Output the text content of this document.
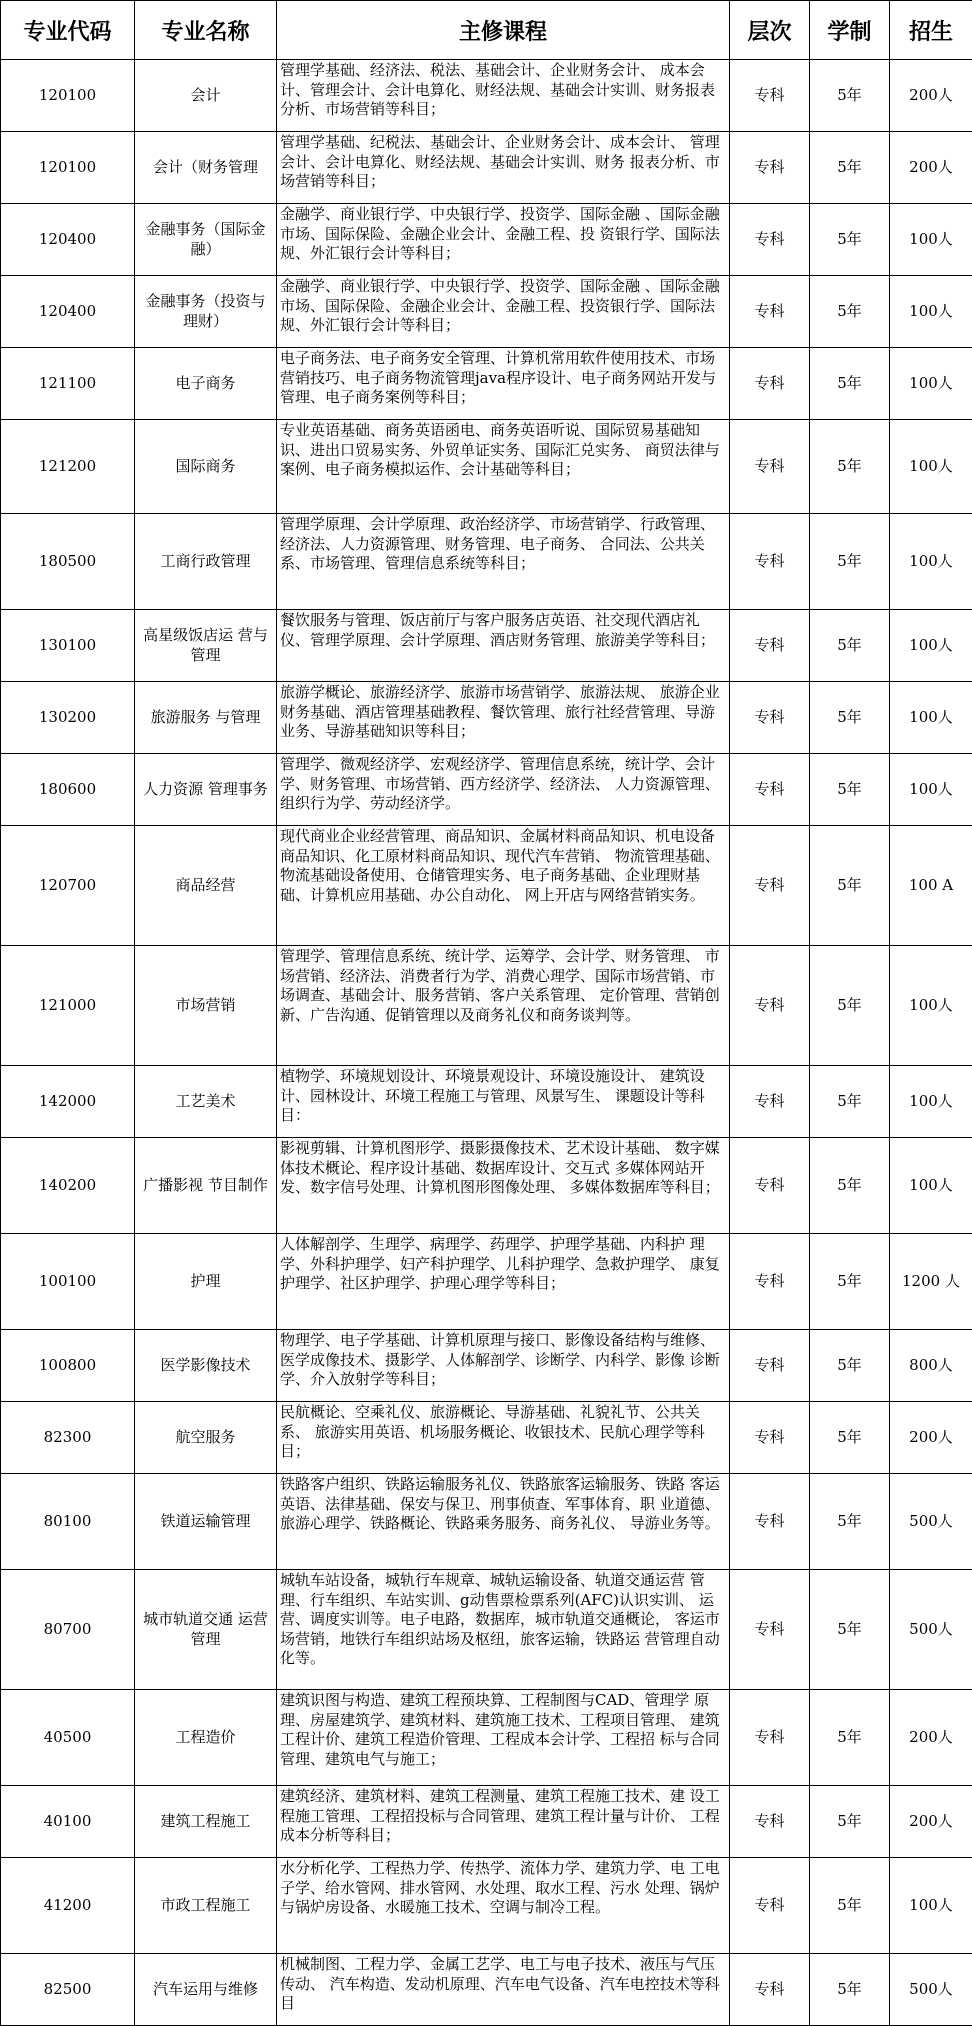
专业代码	专业名称	主修课程	层次	学制	招生
120100	会计	管理学基础、经济法、税法、基础会计、企业财务会计、 成本会计、管理会计、会计电算化、财经法规、基础会计实训、财务报表分析、市场营销等科目；	专科	5年	200人
120100	会计（财务管理	管理学基础、纪税法、基础会计、企业财务会计、成本会计、 管理会计、会计电算化、财经法规、基础会计实训、财务 报表分析、市场营销等科目；	专科	5年	200人
120400	金融事务（国际金融）	金融学、商业银行学、中央银行学、投资学、国际金融 、国际金融市场、国际保险、金融企业会计、金融工程、投 资银行学、国际法规、外汇银行会计等科目；	专科	5年	100人
120400	金融事务（投资与理财）	金融学、商业银行学、中央银行学、投资学、国际金融 、国际金融市场、国际保险、金融企业会计、金融工程、投资银行学、国际法规、外汇银行会计等科目；	专科	5年	100人
121100	电子商务	电子商务法、电子商务安全管理、计算机常用软件使用技术、市场营销技巧、电子商务物流管理java程序设计、电子商务网站开发与管理、电子商务案例等科目；	专科	5年	100人
121200	国际商务	专业英语基础、商务英语函电、商务英语听说、国际贸易基础知识、进出口贸易实务、外贸单证实务、国际汇兑实务、 商贸法律与案例、电子商务模拟运作、会计基础等科目；	专科	5年	100人
180500	工商行政管理	管理学原理、会计学原理、政治经济学、市场营销学、行政管理、经济法、人力资源管理、财务管理、电子商务、 合同法、公共关系、市场管理、管理信息系统等科目；	专科	5年	100人
130100	高星级饭店运 营与管理	餐饮服务与管理、饭店前厅与客户服务店英语、社交现代酒店礼仪、管理学原理、会计学原理、酒店财务管理、旅游美学等科目；	专科	5年	100人
130200	旅游服务 与管理	旅游学概论、旅游经济学、旅游市场营销学、旅游法规、 旅游企业财务基础、酒店管理基础教程、餐饮管理、旅行社经营管理、导游业务、导游基础知识等科目；	专科	5年	100人
180600	人力资源 管理事务	管理学、微观经济学、宏观经济学、管理信息系统，统计学、会计学、财务管理、市场营销、西方经济学、经济法、 人力资源管理、组织行为学、劳动经济学。	专科	5年	100人
120700	商品经营	现代商业企业经营管理、商品知识、金属材料商品知识、机电设备商品知识、化工原材料商品知识、现代汽车营销、 物流管理基础、物流基础设备使用、仓储管理实务、电子商务基础、企业理财基础、计算机应用基础、办公自动化、 网上开店与网络营销实务。	专科	5年	100 A
121000	市场营销	管理学、管理信息系统、统计学、运筹学、会计学、财务管理、 市场营销、经济法、消费者行为学、消费心理学、国际市场营销、市场调查、基础会计、服务营销、客户关系管理、 定价管理、营销创新、广告沟通、促销管理以及商务礼仪和商务谈判等。	专科	5年	100人
142000	工艺美术	植物学、环境规划设计、环境景观设计、环境设施设计、 建筑设计、园林设计、环境工程施工与管理、风景写生、 课题设计等科目：	专科	5年	100人
140200	广播影视 节目制作	影视剪辑、计算机图形学、摄影摄像技术、艺术设计基础、 数字媒体技术概论、程序设计基础、数据库设计、交互式 多媒体网站开发、数字信号处理、计算机图形图像处理、 多媒体数据库等科目；	专科	5年	100人
100100	护理	人体解剖学、生理学、病理学、药理学、护理学基础、内科护 理学、外科护理学、妇产科护理学、儿科护理学、急救护理学、 康复护理学、社区护理学、护理心理学等科目；	专科	5年	1200 人
100800	医学影像技术	物理学、电子学基础、计算机原理与接口、影像设备结构与维修、 医学成像技术、摄影学、人体解剖学、诊断学、内科学、影像 诊断学、介入放射学等科目；	专科	5年	800人
82300	航空服务	民航概论、空乘礼仪、旅游概论、导游基础、礼貌礼节、公共关系、 旅游实用英语、机场服务概论、收银技术、民航心理学等科目；	专科	5年	200人
80100	铁道运输管理	铁路客户组织、铁路运输服务礼仪、铁路旅客运输服务、铁路 客运英语、法律基础、保安与保卫、刑事侦查、军事体育、职 业道德、旅游心理学、铁路概论、铁路乘务服务、商务礼仪、 导游业务等。	专科	5年	500人
80700	城市轨道交通 运营管理	城轨车站设备，城轨行车规章、城轨运输设备、轨道交通运营 管理、行车组织、车站实训、g动售票检票系列(AFC)认识实训、 运营、调度实训等。电子电路，数据库，城市轨道交通概论， 客运市场营销，地铁行车组织站场及枢纽，旅客运输，铁路运 营管理自动化等。	专科	5年	500人
40500	工程造价	建筑识图与构造、建筑工程预块算、工程制图与CAD、管理学 原理、房屋建筑学、建筑材料、建筑施工技术、工程项目管理、 建筑工程计价、建筑工程造价管理、工程成本会计学、工程招 标与合同管理、建筑电气与施工；	专科	5年	200人
40100	建筑工程施工	建筑经济、建筑材料、建筑工程测量、建筑工程施工技术、建 设工程施工管理、工程招投标与合同管理、建筑工程计量与计价、 工程成本分析等科目；	专科	5年	200人
41200	市政工程施工	水分析化学、工程热力学、传热学、流体力学、建筑力学、电 工电子学、给水管网、排水管网、水处理、取水工程、污水 处理、锅炉与锅炉房设备、水暖施工技术、空调与制冷工程。	专科	5年	100人
82500	汽车运用与维修	机械制图、工程力学、金属工艺学、电工与电子技术、液压与气压传动、 汽车构造、发动机原理、汽车电气设备、汽车电控技术等科目	专科	5年	500人
